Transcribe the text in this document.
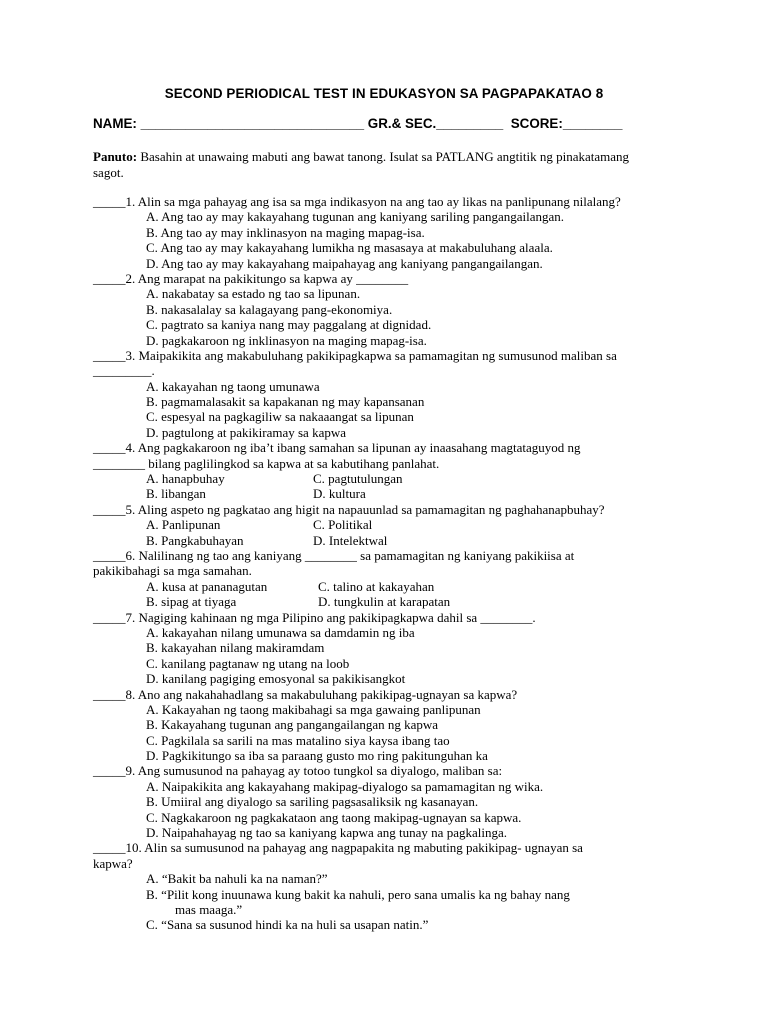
SECOND PERIODICAL TEST IN EDUKASYON SA PAGPAPAKATAO 8
NAME: ______________________________ GR.& SEC._________ SCORE:________
Panuto: Basahin at unawaing mabuti ang bawat tanong. Isulat sa PATLANG angtitik ng pinakatamang sagot.
_____1. Alin sa mga pahayag ang isa sa mga indikasyon na ang tao ay likas na panlipunang nilalang?
A. Ang tao ay may kakayahang tugunan ang kaniyang sariling pangangailangan.
B. Ang tao ay may inklinasyon na maging mapag-isa.
C. Ang tao ay may kakayahang lumikha ng masasaya at makabuluhang alaala.
D. Ang tao ay may kakayahang maipahayag ang kaniyang pangangailangan.
_____2. Ang marapat na pakikitungo sa kapwa ay ________
A. nakabatay sa estado ng tao sa lipunan.
B. nakasalalay sa kalagayang pang-ekonomiya.
C. pagtrato sa kaniya nang may paggalang at dignidad.
D. pagkakaroon ng inklinasyon na maging mapag-isa.
_____3. Maipakikita ang makabuluhang pakikipagkapwa sa pamamagitan ng sumusunod maliban sa
_________.
A. kakayahan ng taong umunawa
B. pagmamalasakit sa kapakanan ng may kapansanan
C. espesyal na pagkagiliw sa nakaaangat sa lipunan
D. pagtulong at pakikiramay sa kapwa
_____4. Ang pagkakaroon ng iba’t ibang samahan sa lipunan ay inaasahang magtataguyod ng
________ bilang paglilingkod sa kapwa at sa kabutihang panlahat.
A. hanapbuhay	C. pagtutulungan
B. libangan	D. kultura
_____5. Aling aspeto ng pagkatao ang higit na napauunlad sa pamamagitan ng paghahanapbuhay?
A. Panlipunan	C. Politikal
B. Pangkabuhayan	D. Intelektwal
_____6. Nalilinang ng tao ang kaniyang ________ sa pamamagitan ng kaniyang pakikiisa at
pakikibahagi sa mga samahan.
A. kusa at pananagutan	C. talino at kakayahan
B. sipag at tiyaga	D. tungkulin at karapatan
_____7. Nagiging kahinaan ng mga Pilipino ang pakikipagkapwa dahil sa ________.
A. kakayahan nilang umunawa sa damdamin ng iba
B. kakayahan nilang makiramdam
C. kanilang pagtanaw ng utang na loob
D. kanilang pagiging emosyonal sa pakikisangkot
_____8. Ano ang nakahahadlang sa makabuluhang pakikipag-ugnayan sa kapwa?
A. Kakayahan ng taong makibahagi sa mga gawaing panlipunan
B. Kakayahang tugunan ang pangangailangan ng kapwa
C. Pagkilala sa sarili na mas matalino siya kaysa ibang tao
D. Pagkikitungo sa iba sa paraang gusto mo ring pakitunguhan ka
_____9. Ang sumusunod na pahayag ay totoo tungkol sa diyalogo, maliban sa:
A. Naipakikita ang kakayahang makipag-diyalogo sa pamamagitan ng wika.
B. Umiiral ang diyalogo sa sariling pagsasaliksik ng kasanayan.
C. Nagkakaroon ng pagkakataon ang taong makipag-ugnayan sa kapwa.
D. Naipahahayag ng tao sa kaniyang kapwa ang tunay na pagkalinga.
_____10. Alin sa sumusunod na pahayag ang nagpapakita ng mabuting pakikipag- ugnayan sa
kapwa?
A. “Bakit ba nahuli ka na naman?”
B. “Pilit kong inuunawa kung bakit ka nahuli, pero sana umalis ka ng bahay nang
mas maaga.”
C. “Sana sa susunod hindi ka na huli sa usapan natin.”
